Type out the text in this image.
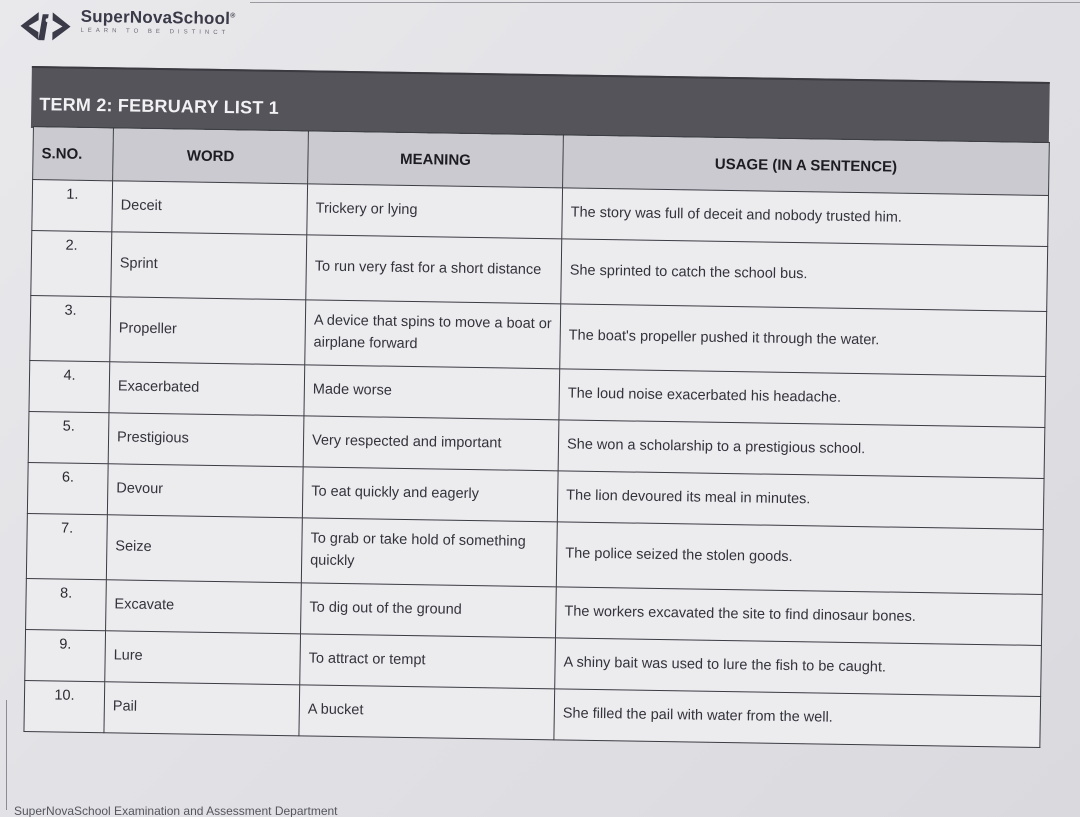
SuperNovaSchool®
LEARN TO BE DISTINCT
TERM 2: FEBRUARY LIST 1
S.NO.	WORD	MEANING	USAGE (IN A SENTENCE)
1.	Deceit	Trickery or lying	The story was full of deceit and nobody trusted him.
2.	Sprint	To run very fast for a short distance	She sprinted to catch the school bus.
3.	Propeller	A device that spins to move a boat or airplane forward	The boat's propeller pushed it through the water.
4.	Exacerbated	Made worse	The loud noise exacerbated his headache.
5.	Prestigious	Very respected and important	She won a scholarship to a prestigious school.
6.	Devour	To eat quickly and eagerly	The lion devoured its meal in minutes.
7.	Seize	To grab or take hold of something quickly	The police seized the stolen goods.
8.	Excavate	To dig out of the ground	The workers excavated the site to find dinosaur bones.
9.	Lure	To attract or tempt	A shiny bait was used to lure the fish to be caught.
10.	Pail	A bucket	She filled the pail with water from the well.
SuperNovaSchool Examination and Assessment Department
